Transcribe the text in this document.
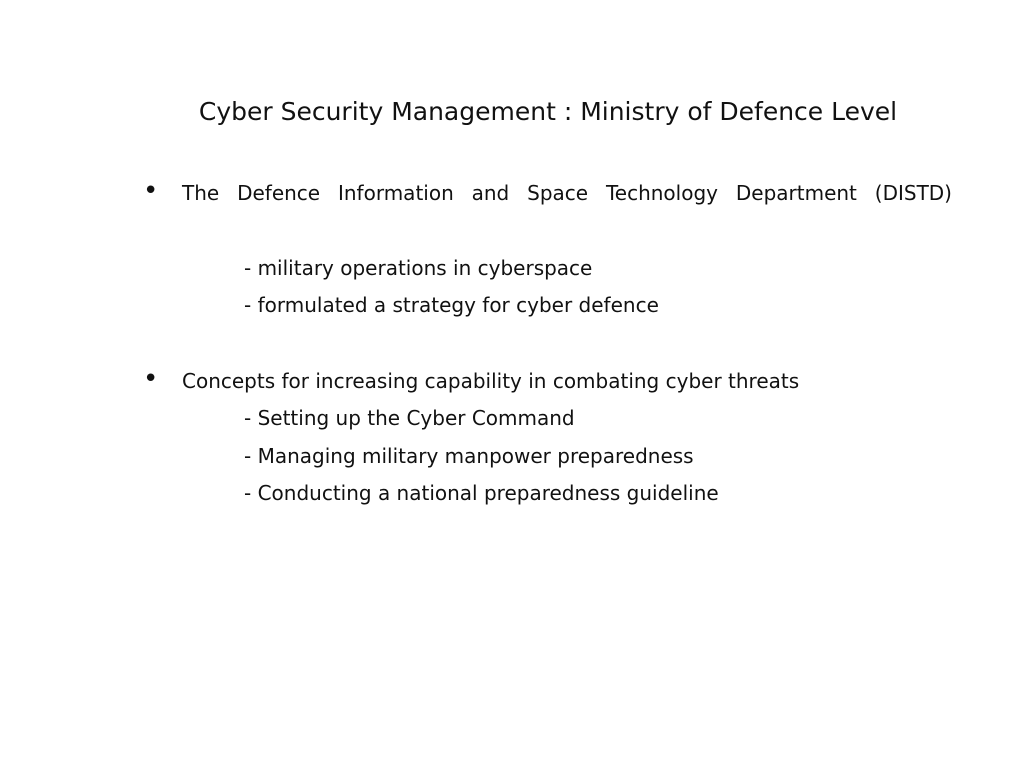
Cyber Security Management : Ministry of Defence Level
• The Defence Information and Space Technology Department (DISTD)
- military operations in cyberspace
- formulated a strategy for cyber defence
• Concepts for increasing capability in combating cyber threats
- Setting up the Cyber Command
- Managing military manpower preparedness
- Conducting a national preparedness guideline
